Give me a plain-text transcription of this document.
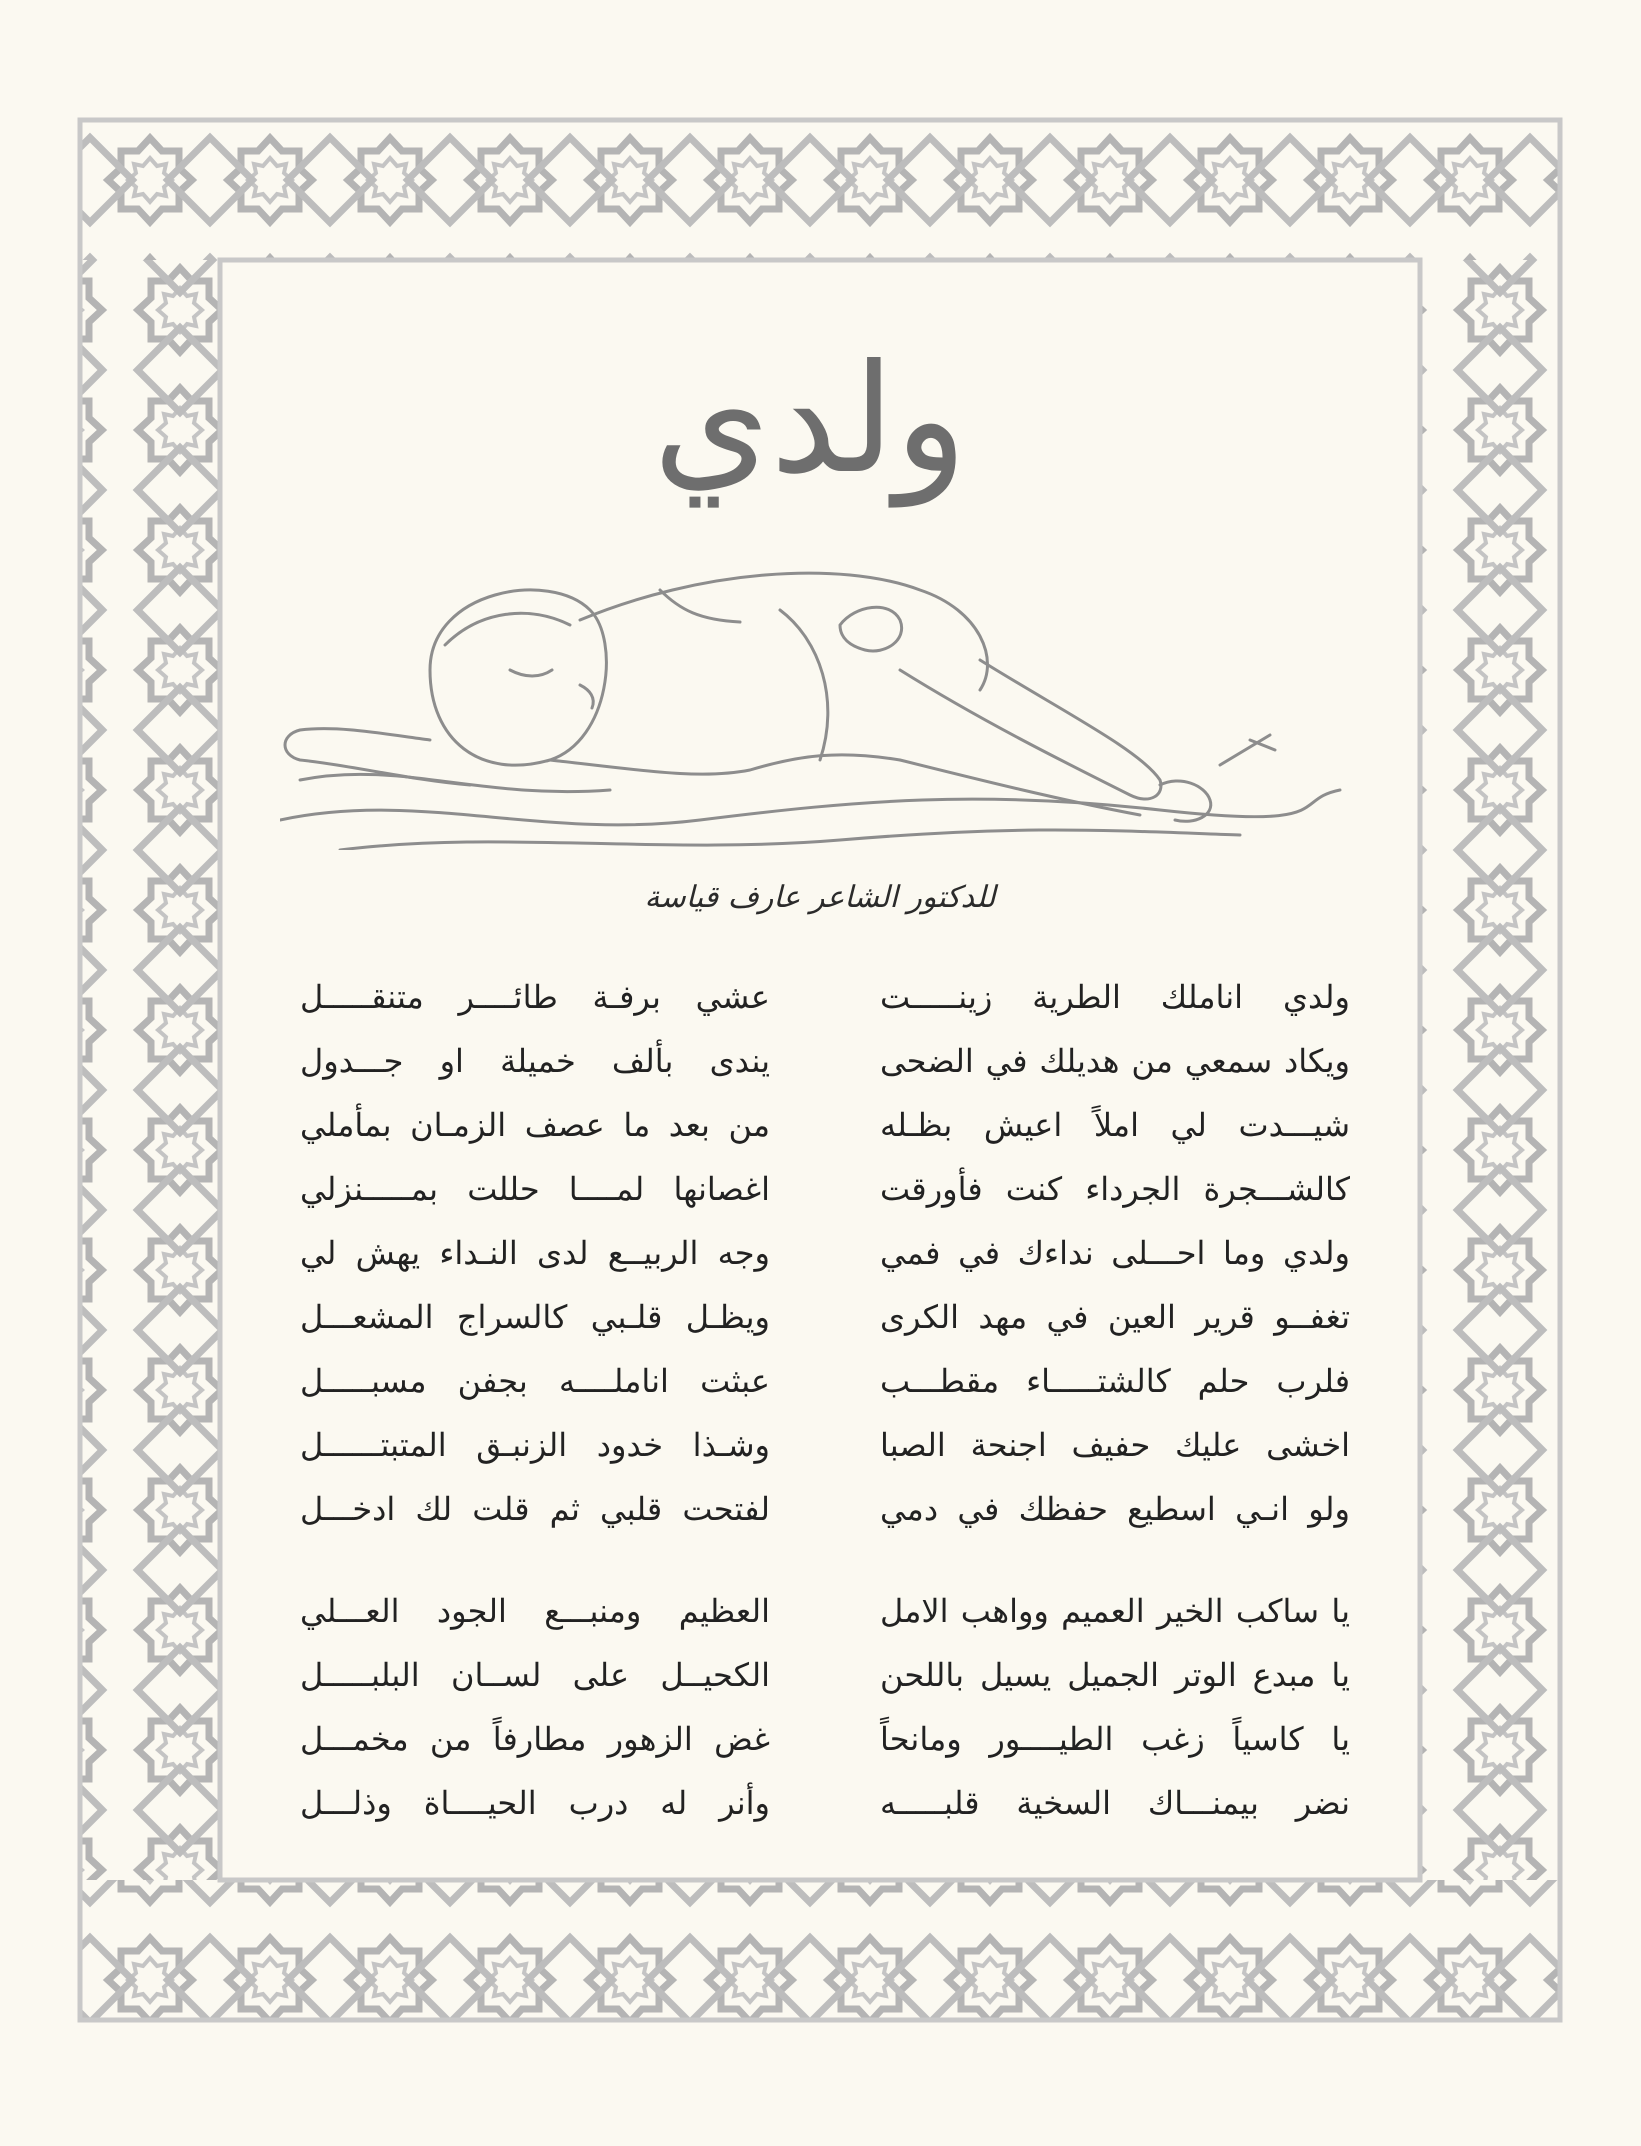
ولدي
للدكتور الشاعر عارف قياسة
ولدي اناملك الطرية زينـــــت
عشي برفـة طائــــر متنقـــــل
ويكاد سمعي من هديلك في الضحى
يندى بألف خميلة او جـــدول
شيـــدت لي املاً اعيش بظـله
من بعد ما عصف الزمـان بمأملي
كالشـــجرة الجرداء كنت فأورقت
اغصانها لمــــا حللت بمـــــنزلي
ولدي وما احـــلى نداءك في فمي
وجه الربيــع لدى النـداء يهش لي
تغفــو قرير العين في مهد الكرى
ويظـل قلـبي كالسراج المشعـــل
فلرب حلم كالشتـــــاء مقطـــب
عبثت اناملــــه بجفن مسبـــــل
اخشى عليك حفيف اجنحة الصبا
وشـذا خدود الزنبـق المتبتــــــل
ولو انـي اسطيع حفظك في دمي
لفتحت قلبي ثم قلت لك ادخـــل
يا ساكب الخير العميم وواهب الامل
العظيم ومنبـــع الجود العـــلي
يا مبدع الوتر الجميل يسيل باللحن
الكحيــل على لســان البلبـــــل
يا كاسياً زغب الطيــــور ومانحاً
غض الزهور مطارفاً من مخمـــل
نضر بيمنـــاك السخية قلبـــــه
وأنر له درب الحيــــاة وذلـــل
